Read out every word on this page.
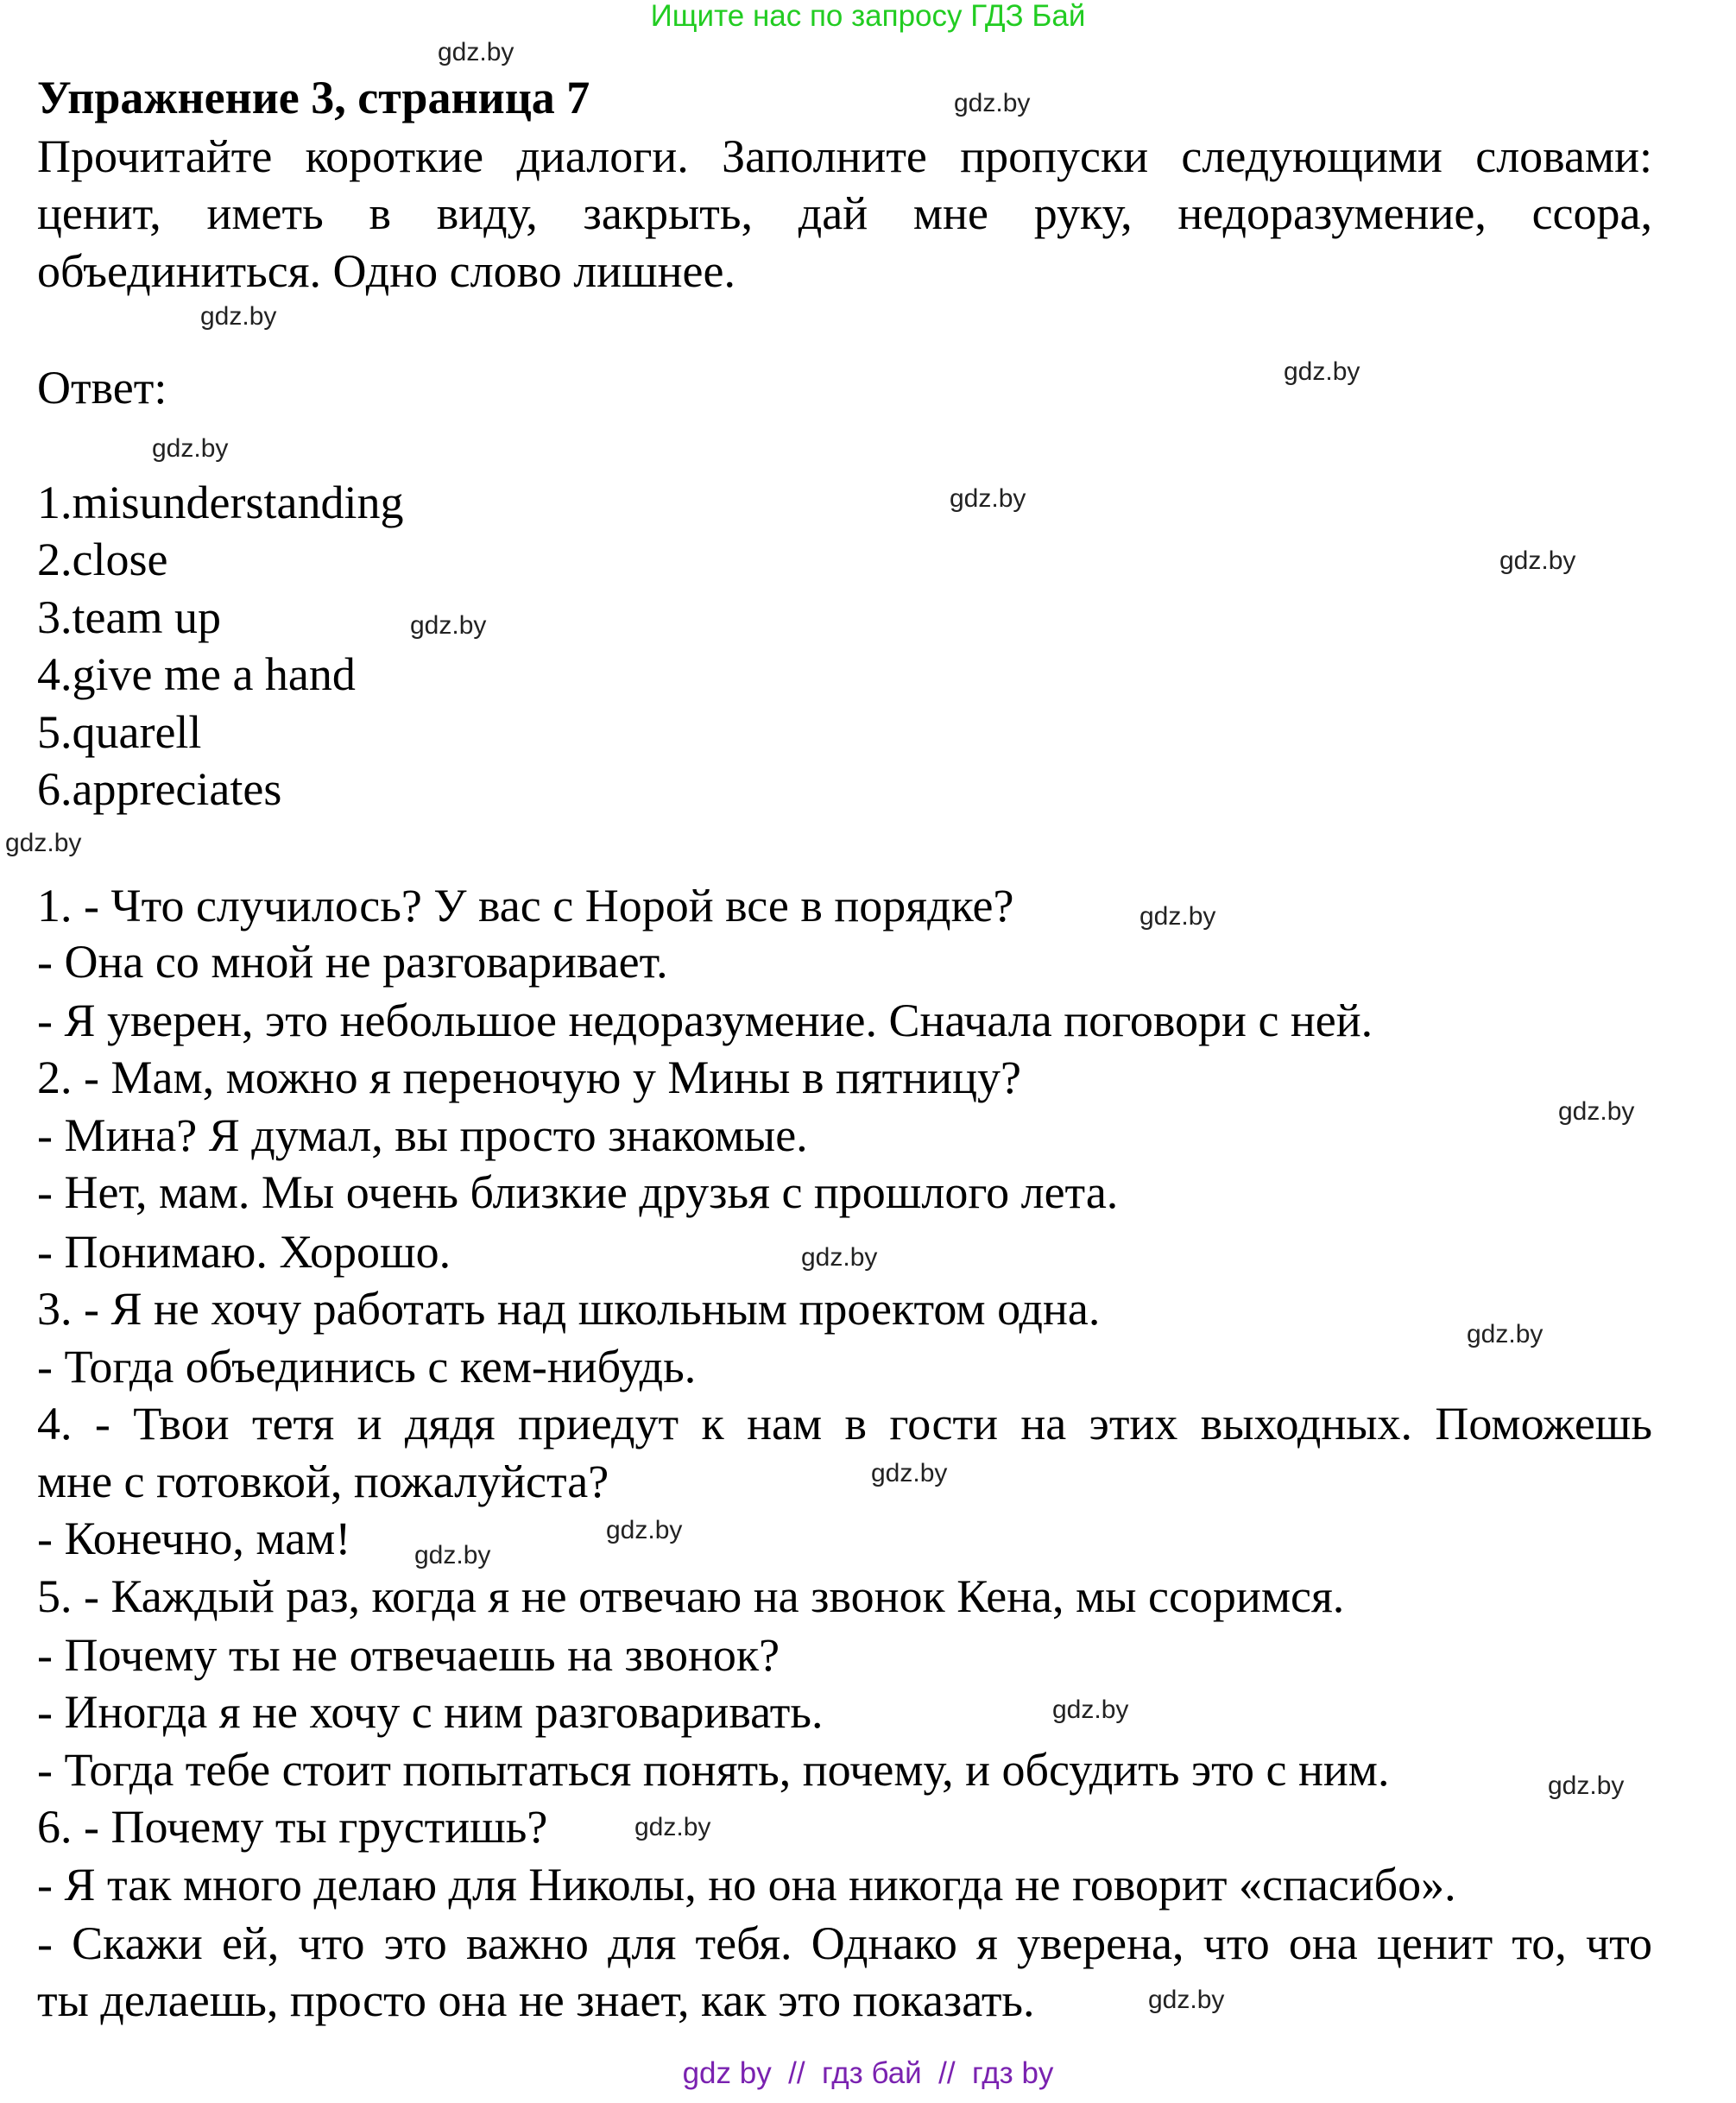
Ищите нас по запросу ГДЗ Бай
Упражнение 3, страница 7
Прочитайте короткие диалоги. Заполните пропуски следующими словами:
ценит, иметь в виду, закрыть, дай мне руку, недоразумение, ссора,
объединиться. Одно слово лишнее.
Ответ:
1.misunderstanding
2.close
3.team up
4.give me a hand
5.quarell
6.appreciates
1. - Что случилось? У вас с Норой все в порядке?
- Она со мной не разговаривает.
- Я уверен, это небольшое недоразумение. Сначала поговори с ней.
2. - Мам, можно я переночую у Мины в пятницу?
- Мина? Я думал, вы просто знакомые.
- Нет, мам. Мы очень близкие друзья с прошлого лета.
- Понимаю. Хорошо.
3. - Я не хочу работать над школьным проектом одна.
- Тогда объединись с кем-нибудь.
4. - Твои тетя и дядя приедут к нам в гости на этих выходных. Поможешь
мне с готовкой, пожалуйста?
- Конечно, мам!
5. - Каждый раз, когда я не отвечаю на звонок Кена, мы ссоримся.
- Почему ты не отвечаешь на звонок?
- Иногда я не хочу с ним разговаривать.
- Тогда тебе стоит попытаться понять, почему, и обсудить это с ним.
6. - Почему ты грустишь?
- Я так много делаю для Николы, но она никогда не говорит «спасибо».
- Скажи ей, что это важно для тебя. Однако я уверена, что она ценит то, что
ты делаешь, просто она не знает, как это показать.
gdz.by
gdz.by
gdz.by
gdz.by
gdz.by
gdz.by
gdz.by
gdz.by
gdz.by
gdz.by
gdz.by
gdz.by
gdz.by
gdz.by
gdz.by
gdz.by
gdz.by
gdz.by
gdz.by
gdz.by
gdz by  //  гдз бай  //  гдз by
